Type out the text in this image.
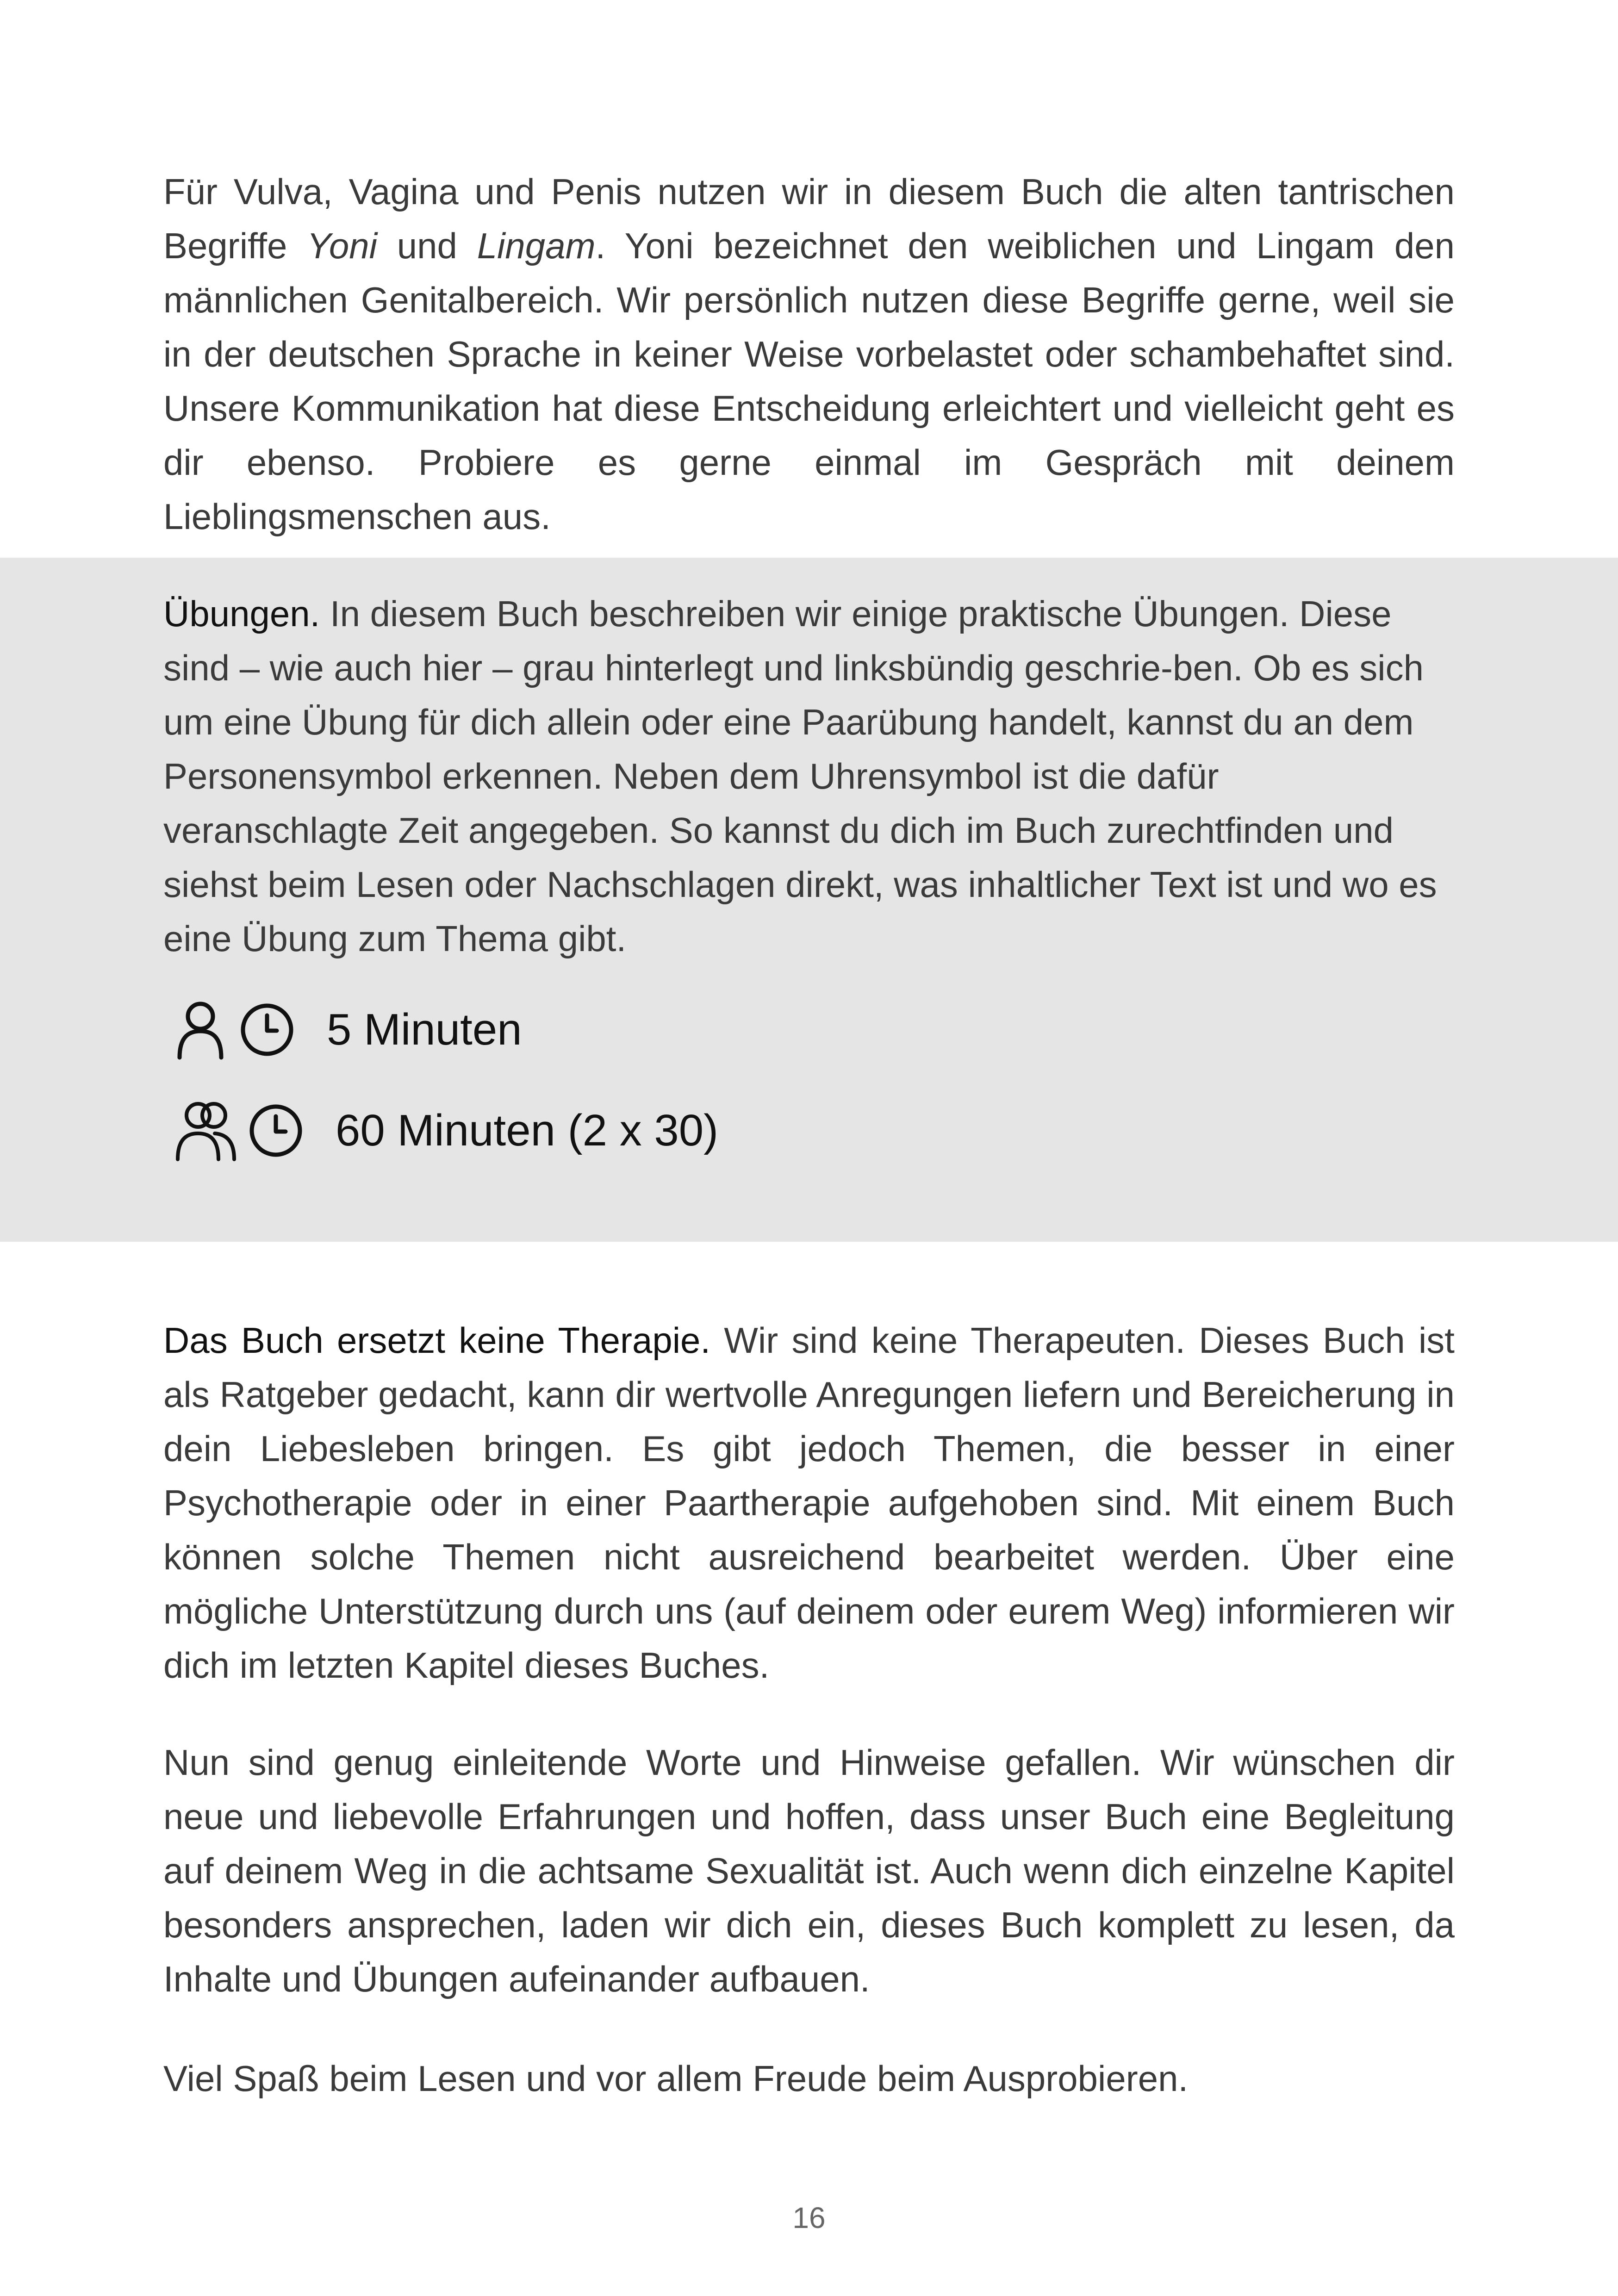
Für Vulva, Vagina und Penis nutzen wir in diesem Buch die alten tantrischen Begriffe Yoni und Lingam. Yoni bezeichnet den weiblichen und Lingam den männlichen Genitalbereich. Wir persönlich nutzen diese Begriffe gerne, weil sie in der deutschen Sprache in keiner Weise vorbelastet oder schambehaftet sind. Unsere Kommunikation hat diese Entscheidung erleichtert und vielleicht geht es dir ebenso. Probiere es gerne einmal im Gespräch mit deinem Lieblingsmenschen aus.

Übungen. In diesem Buch beschreiben wir einige praktische Übungen. Diese sind – wie auch hier – grau hinterlegt und linksbündig geschrie-ben. Ob es sich um eine Übung für dich allein oder eine Paarübung handelt, kannst du an dem Personensymbol erkennen. Neben dem Uhrensymbol ist die dafür veranschlagte Zeit angegeben. So kannst du dich im Buch zurechtfinden und siehst beim Lesen oder Nachschlagen direkt, was inhaltlicher Text ist und wo es eine Übung zum Thema gibt.

5 Minuten
60 Minuten (2 x 30)

Das Buch ersetzt keine Therapie. Wir sind keine Therapeuten. Dieses Buch ist als Ratgeber gedacht, kann dir wertvolle Anregungen liefern und Bereicherung in dein Liebesleben bringen. Es gibt jedoch Themen, die besser in einer Psychotherapie oder in einer Paartherapie aufgehoben sind. Mit einem Buch können solche Themen nicht ausreichend bearbeitet werden. Über eine mögliche Unterstützung durch uns (auf deinem oder eurem Weg) informieren wir dich im letzten Kapitel dieses Buches.

Nun sind genug einleitende Worte und Hinweise gefallen. Wir wünschen dir neue und liebevolle Erfahrungen und hoffen, dass unser Buch eine Begleitung auf deinem Weg in die achtsame Sexualität ist. Auch wenn dich einzelne Kapitel besonders ansprechen, laden wir dich ein, dieses Buch komplett zu lesen, da Inhalte und Übungen aufeinander aufbauen.

Viel Spaß beim Lesen und vor allem Freude beim Ausprobieren.

16
